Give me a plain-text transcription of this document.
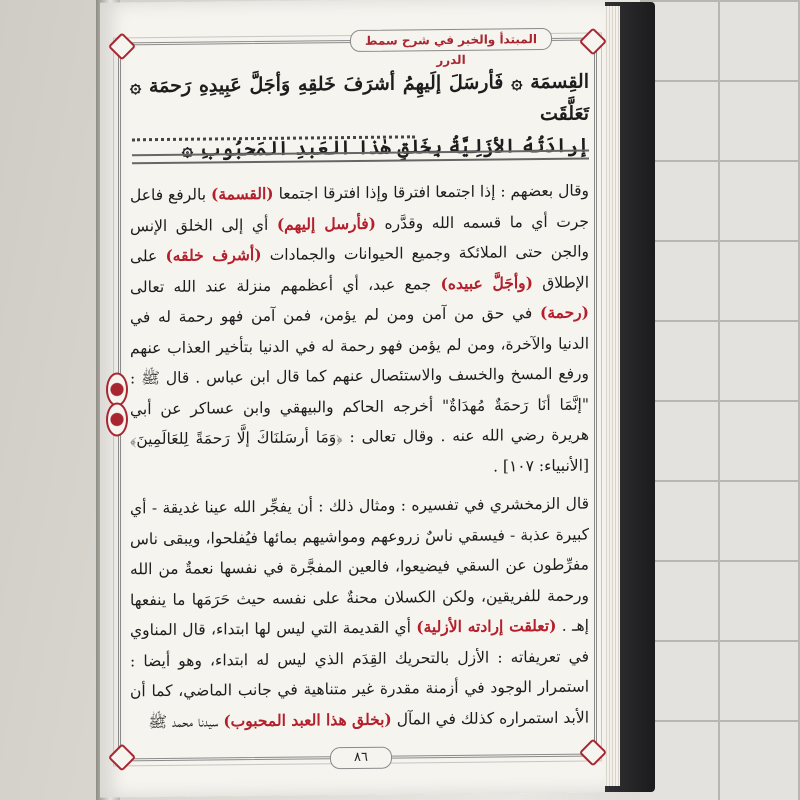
المبتدأ والخبر في شرح سمط الدرر
القِسمَة ۞ فَأرسَلَ إلَيهِمُ أشرَفَ خَلقِهِ وَأجَلَّ عَبِيدِهِ رَحمَة ۞ تَعَلَّقَت
إرادَتُهُ الأزَلِيَّةُ بِخَلقِ هٰذا العَبدِ المَحبُوبِ ۞
وقال بعضهم : إذا اجتمعا افترقا وإذا افترقا اجتمعا (القسمة) بالرفع فاعل جرت أي ما قسمه الله وقدَّره (فأرسل إليهم) أي إلى الخلق الإنس والجن حتى الملائكة وجميع الحيوانات والجمادات (أشرف خلقه) على الإطلاق (وأجَلَّ عبيده) جمع عبد، أي أعظمهم منزلة عند الله تعالى (رحمة) في حق من آمن ومن لم يؤمن، فمن آمن فهو رحمة له في الدنيا والآخرة، ومن لم يؤمن فهو رحمة له في الدنيا بتأخير العذاب عنهم ورفع المسخ والخسف والاستئصال عنهم كما قال ابن عباس . قال ﷺ : "إنَّمَا أنَا رَحمَةٌ مُهدَاةٌ" أخرجه الحاكم والبيهقي وابن عساكر عن أبي هريرة رضي الله عنه . وقال تعالى : ﴿وَمَا أرسَلنَاكَ إلَّا رَحمَةً لِلعَالَمِينَ﴾ [الأنبياء: ١٠٧] .
قال الزمخشري في تفسيره : ومثال ذلك : أن يفجِّر الله عينا غديقة - أي كبيرة عذبة - فيسقي ناسٌ زروعهم ومواشيهم بمائها فيُفلحوا، ويبقى ناس مفرِّطون عن السقي فيضيعوا، فالعين المفجَّرة في نفسها نعمةٌ من الله ورحمة للفريقين، ولكن الكسلان محنةٌ على نفسه حيث حَرَمَها ما ينفعها إهـ . (تعلقت إرادته الأزلية) أي القديمة التي ليس لها ابتداء، قال المناوي في تعريفاته : الأزل بالتحريك القِدَم الذي ليس له ابتداء، وهو أيضا : استمرار الوجود في أزمنة مقدرة غير متناهية في جانب الماضي، كما أن الأبد استمراره كذلك في المآل (بخلق هذا العبد المحبوب) سيدنا محمد ﷺ
٨٦
